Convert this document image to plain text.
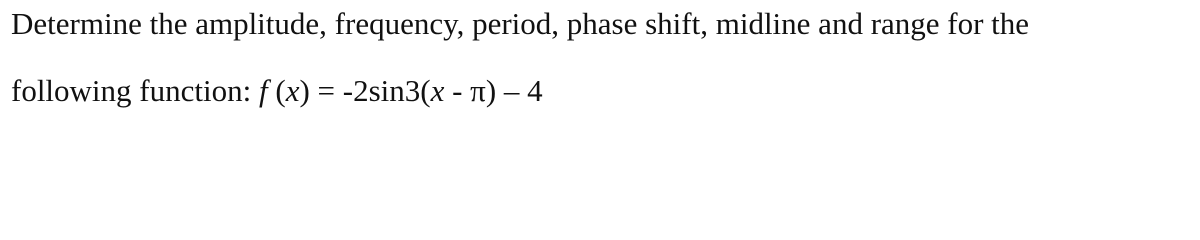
Determine the amplitude, frequency, period, phase shift, midline and range for the
following function: f (x) = -2sin3(x - π) – 4
